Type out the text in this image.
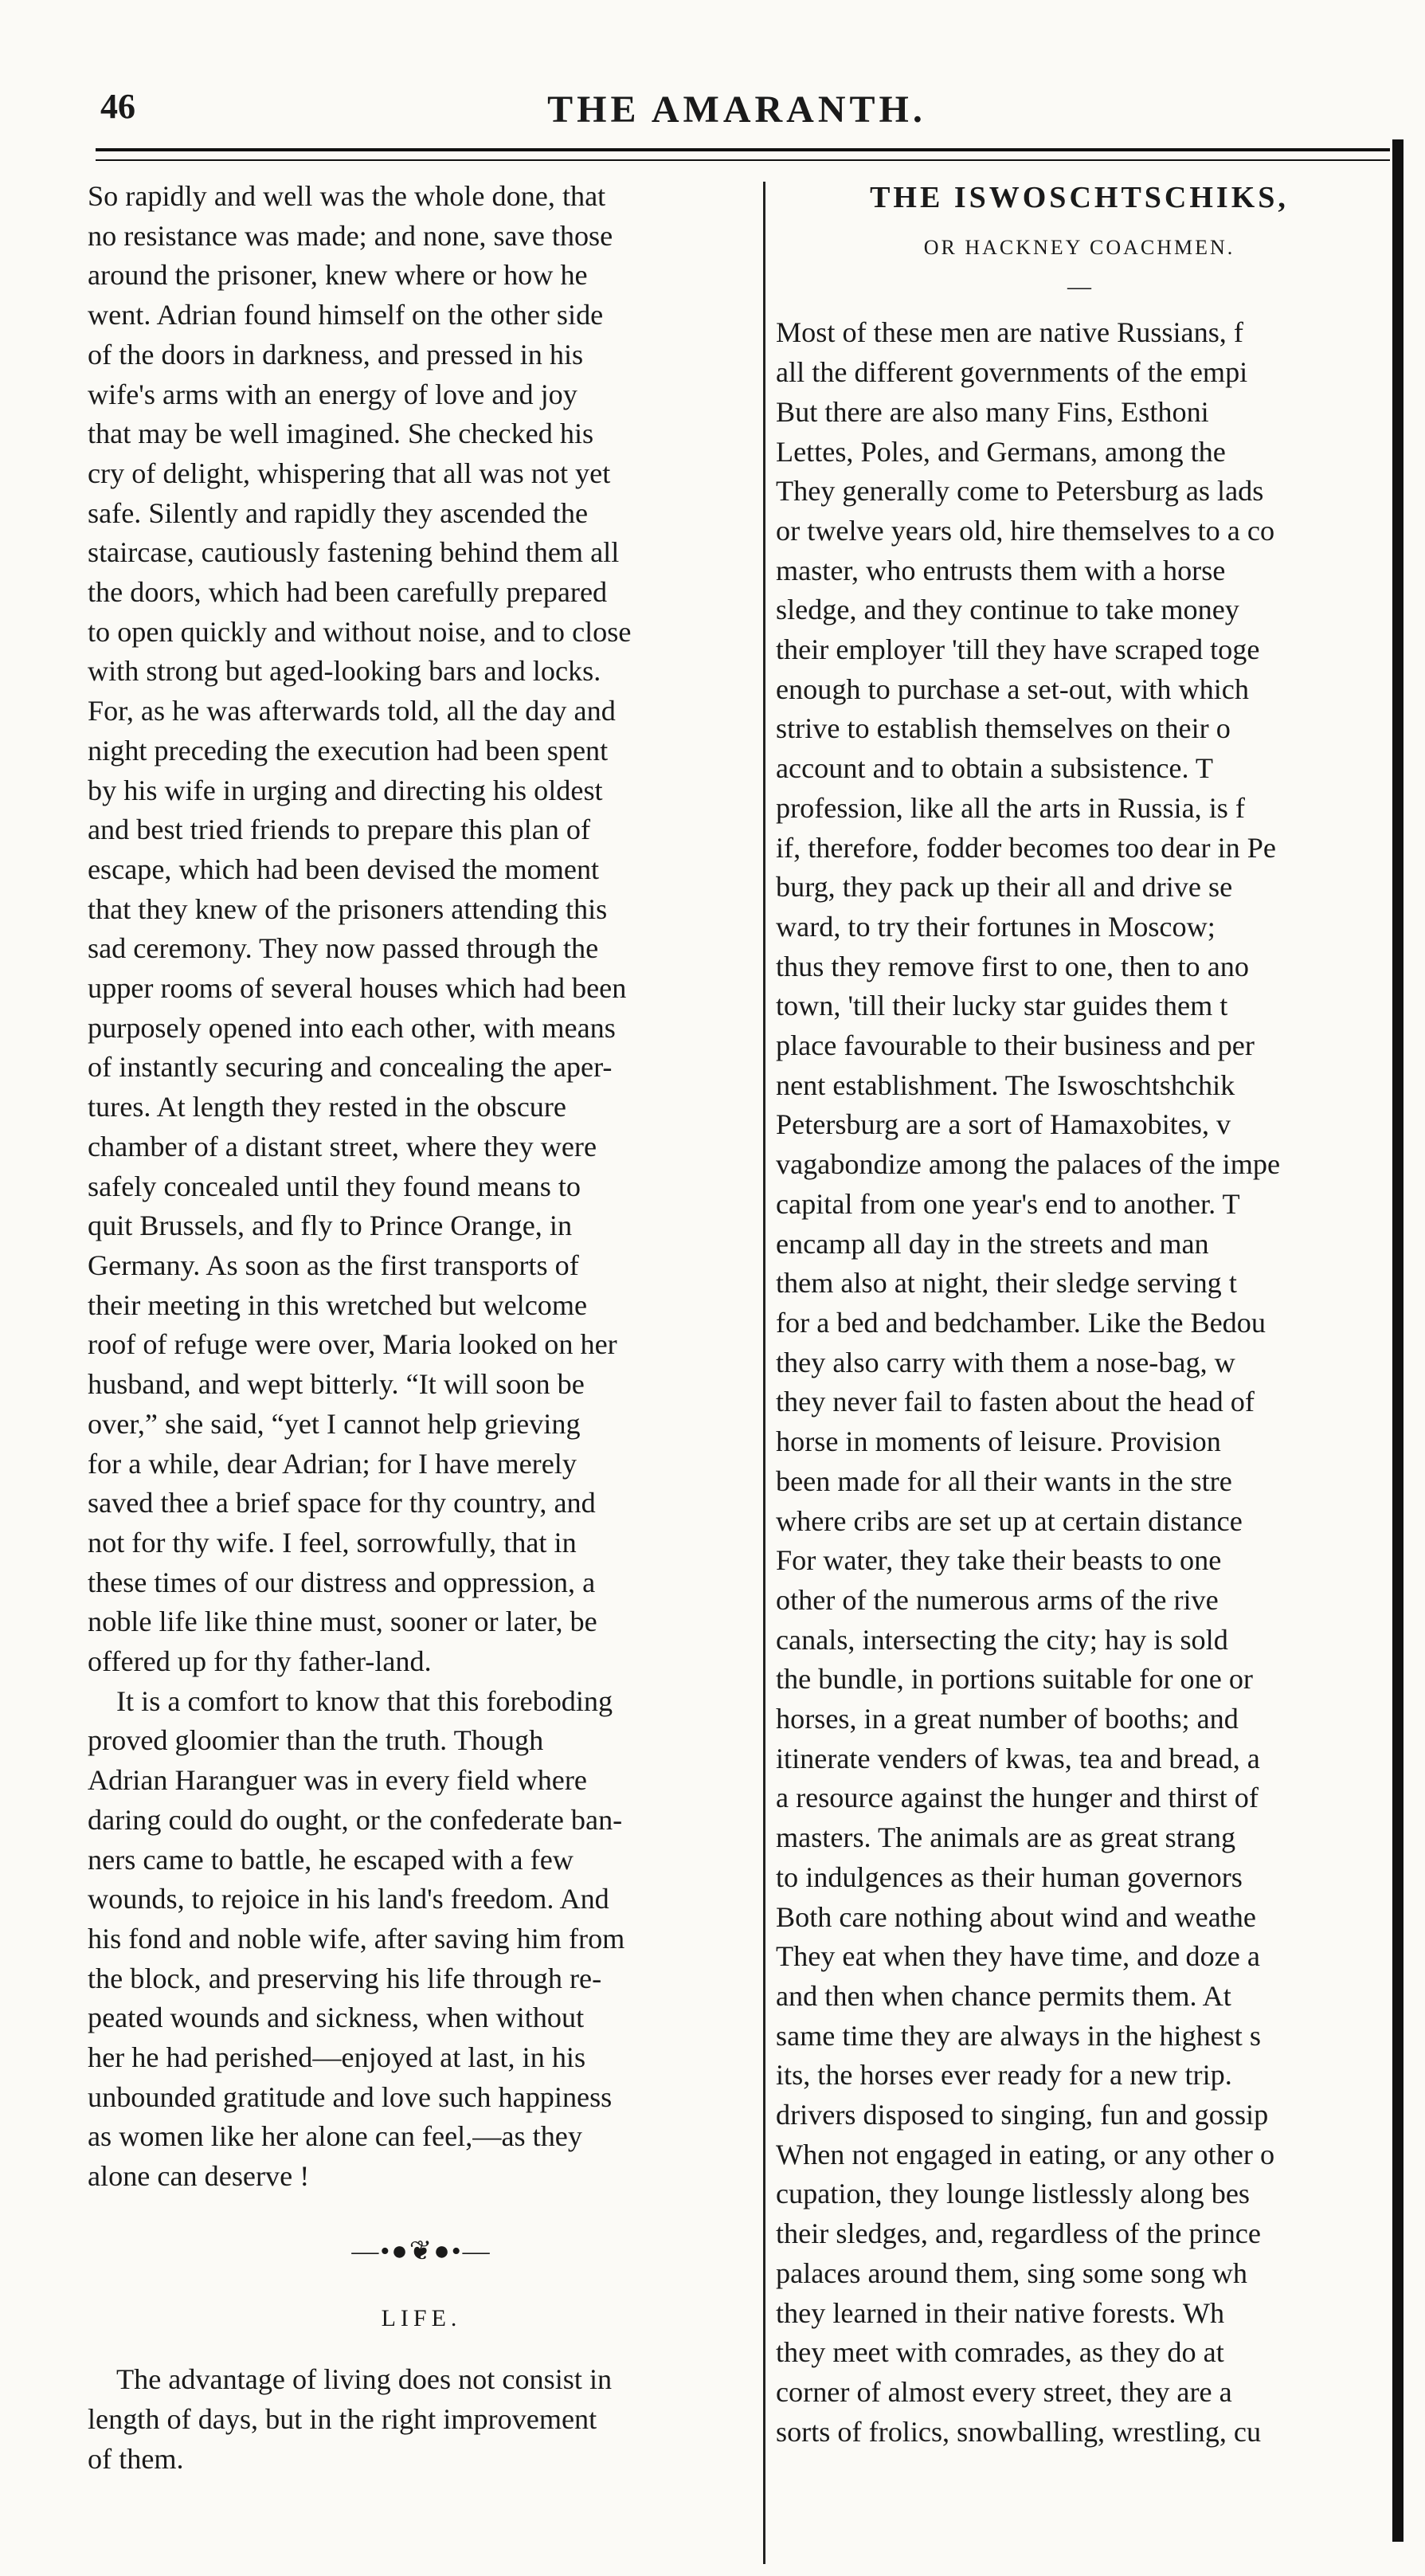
46	THE AMARANTH.

So rapidly and well was the whole done, that

no resistance was made; and none, save those

around the prisoner, knew where or how he

went. Adrian found himself on the other side

of the doors in darkness, and pressed in his

wife's arms with an energy of love and joy

that may be well imagined. She checked his

cry of delight, whispering that all was not yet

safe. Silently and rapidly they ascended the

staircase, cautiously fastening behind them all

the doors, which had been carefully prepared

to open quickly and without noise, and to close

with strong but aged-looking bars and locks.

For, as he was afterwards told, all the day and

night preceding the execution had been spent

by his wife in urging and directing his oldest

and best tried friends to prepare this plan of

escape, which had been devised the moment

that they knew of the prisoners attending this

sad ceremony. They now passed through the

upper rooms of several houses which had been

purposely opened into each other, with means

of instantly securing and concealing the aper-

tures. At length they rested in the obscure

chamber of a distant street, where they were

safely concealed until they found means to

quit Brussels, and fly to Prince Orange, in

Germany. As soon as the first transports of

their meeting in this wretched but welcome

roof of refuge were over, Maria looked on her

husband, and wept bitterly. “It will soon be

over,” she said, “yet I cannot help grieving

for a while, dear Adrian; for I have merely

saved thee a brief space for thy country, and

not for thy wife. I feel, sorrowfully, that in

these times of our distress and oppression, a

noble life like thine must, sooner or later, be

offered up for thy father-land.

It is a comfort to know that this foreboding

proved gloomier than the truth. Though

Adrian Haranguer was in every field where

daring could do ought, or the confederate ban-

ners came to battle, he escaped with a few

wounds, to rejoice in his land's freedom. And

his fond and noble wife, after saving him from

the block, and preserving his life through re-

peated wounds and sickness, when without

her he had perished—enjoyed at last, in his

unbounded gratitude and love such happiness

as women like her alone can feel,—as they

alone can deserve !

—•●❦●•—
LIFE.

The advantage of living does not consist in

length of days, but in the right improvement

of them.

THE ISWOSCHTSCHIKS,
OR HACKNEY COACHMEN.
—

Most of these men are native Russians, f

all the different governments of the empi

But there are also many Fins, Esthoni

Lettes, Poles, and Germans, among the

They generally come to Petersburg as lads

or twelve years old, hire themselves to a co

master, who entrusts them with a horse

sledge, and they continue to take money

their employer 'till they have scraped toge

enough to purchase a set-out, with which

strive to establish themselves on their o

account and to obtain a subsistence. T

profession, like all the arts in Russia, is f

if, therefore, fodder becomes too dear in Pe

burg, they pack up their all and drive se

ward, to try their fortunes in Moscow;

thus they remove first to one, then to ano

town, 'till their lucky star guides them t

place favourable to their business and per

nent establishment. The Iswoschtshchik

Petersburg are a sort of Hamaxobites, v

vagabondize among the palaces of the impe

capital from one year's end to another. T

encamp all day in the streets and man

them also at night, their sledge serving t

for a bed and bedchamber. Like the Bedou

they also carry with them a nose-bag, w

they never fail to fasten about the head of

horse in moments of leisure. Provision

been made for all their wants in the stre

where cribs are set up at certain distance

For water, they take their beasts to one

other of the numerous arms of the rive

canals, intersecting the city; hay is sold

the bundle, in portions suitable for one or

horses, in a great number of booths; and

itinerate venders of kwas, tea and bread, a

a resource against the hunger and thirst of

masters. The animals are as great strang

to indulgences as their human governors

Both care nothing about wind and weathe

They eat when they have time, and doze a

and then when chance permits them. At

same time they are always in the highest s

its, the horses ever ready for a new trip.

drivers disposed to singing, fun and gossip

When not engaged in eating, or any other o

cupation, they lounge listlessly along bes

their sledges, and, regardless of the prince

palaces around them, sing some song wh

they learned in their native forests. Wh

they meet with comrades, as they do at

corner of almost every street, they are a

sorts of frolics, snowballing, wrestling, cu
